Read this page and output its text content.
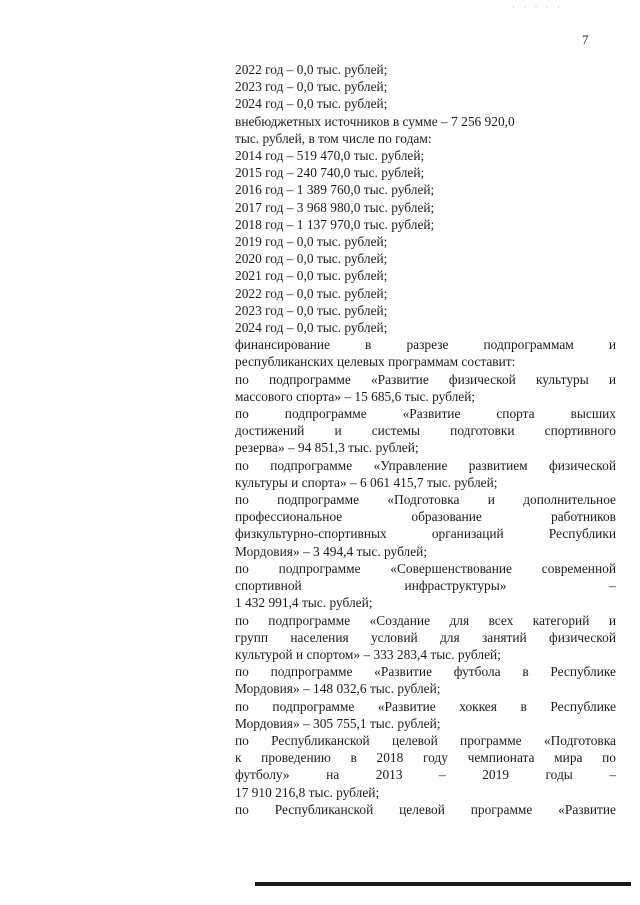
· · · · ·
7

2022 год – 0,0 тыс. рублей;

2023 год – 0,0 тыс. рублей;

2024 год – 0,0 тыс. рублей;

внебюджетных источников в сумме – 7 256 920,0

тыс. рублей, в том числе по годам:

2014 год – 519 470,0 тыс. рублей;

2015 год – 240 740,0 тыс. рублей;

2016 год – 1 389 760,0 тыс. рублей;

2017 год – 3 968 980,0 тыс. рублей;

2018 год – 1 137 970,0 тыс. рублей;

2019 год – 0,0 тыс. рублей;

2020 год – 0,0 тыс. рублей;

2021 год – 0,0 тыс. рублей;

2022 год – 0,0 тыс. рублей;

2023 год – 0,0 тыс. рублей;

2024 год – 0,0 тыс. рублей;

финансирование в разрезе подпрограммам и

республиканских целевых программам составит:

по подпрограмме «Развитие физической культуры и

массового спорта» – 15 685,6 тыс. рублей;

по подпрограмме «Развитие спорта высших

достижений и системы подготовки спортивного

резерва» – 94 851,3 тыс. рублей;

по подпрограмме «Управление развитием физической

культуры и спорта» – 6 061 415,7 тыс. рублей;

по подпрограмме «Подготовка и дополнительное

профессиональное образование работников

физкультурно-спортивных организаций Республики

Мордовия» – 3 494,4 тыс. рублей;

по подпрограмме «Совершенствование современной

спортивной инфраструктуры» –

1 432 991,4 тыс. рублей;

по подпрограмме «Создание для всех категорий и

групп населения условий для занятий физической

культурой и спортом» – 333 283,4 тыс. рублей;

по подпрограмме «Развитие футбола в Республике

Мордовия» – 148 032,6 тыс. рублей;

по подпрограмме «Развитие хоккея в Республике

Мордовия» – 305 755,1 тыс. рублей;

по Республиканской целевой программе «Подготовка

к проведению в 2018 году чемпионата мира по

футболу» на 2013 – 2019 годы –

17 910 216,8 тыс. рублей;

по Республиканской целевой программе «Развитие
